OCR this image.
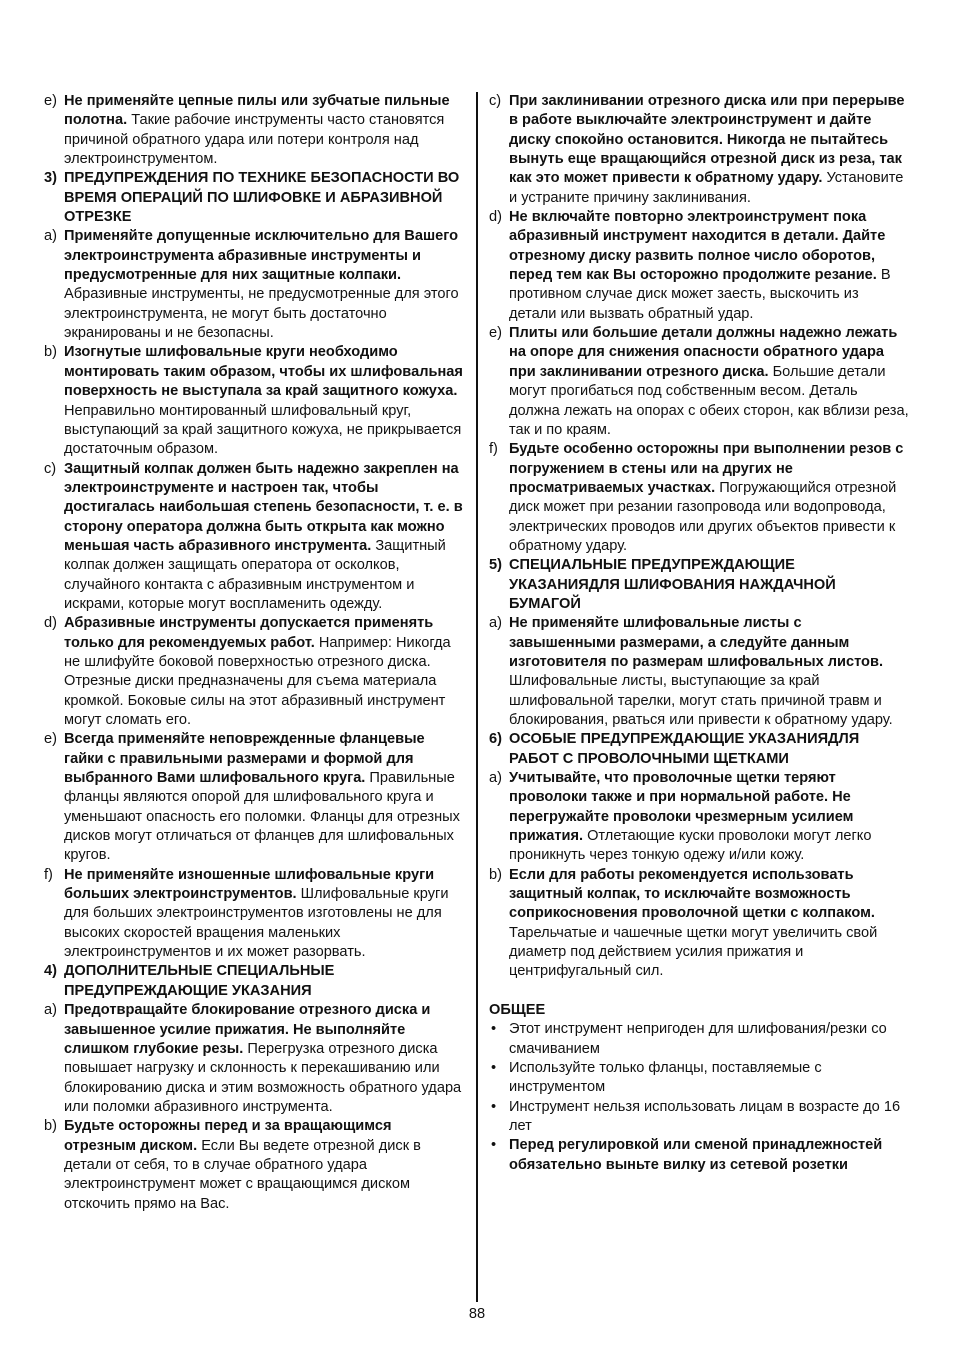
e) Не применяйте цепные пилы или зубчатые пильные полотна. Такие рабочие инструменты часто становятся причиной обратного удара или потери контроля над электроинструментом.

3) ПРЕДУПРЕЖДЕНИЯ ПО ТЕХНИКЕ БЕЗОПАСНОСТИ ВО ВРЕМЯ ОПЕРАЦИЙ ПО ШЛИФОВКЕ И АБРАЗИВНОЙ ОТРЕЗКЕ

a) Применяйте допущенные исключительно для Вашего электроинструмента абразивные инструменты и предусмотренные для них защитные колпаки. Абразивные инструменты, не предусмотренные для этого электроинструмента, не могут быть достаточно экранированы и не безопасны.

b) Изогнутые шлифовальные круги необходимо монтировать таким образом, чтобы их шлифовальная поверхность не выступала за край защитного кожуха. Неправильно монтированный шлифовальный круг, выступающий за край защитного кожуха, не прикрывается достаточным образом.

c) Защитный колпак должен быть надежно закреплен на электроинструменте и настроен так, чтобы достигалась наибольшая степень безопасности, т. е. в сторону оператора должна быть открыта как можно меньшая часть абразивного инструмента. Защитный колпак должен защищать оператора от осколков, случайного контакта с абразивным инструментом и искрами, которые могут воспламенить одежду.

d) Абразивные инструменты допускается применять только для рекомендуемых работ. Например: Никогда не шлифуйте боковой поверхностью отрезного диска. Отрезные диски предназначены для съема материала кромкой. Боковые силы на этот абразивный инструмент могут сломать его.

e) Всегда применяйте неповрежденные фланцевые гайки с правильными размерами и формой для выбранного Вами шлифовального круга. Правильные фланцы являются опорой для шлифовального круга и уменьшают опасность его поломки. Фланцы для отрезных дисков могут отличаться от фланцев для шлифовальных кругов.

f) Не применяйте изношенные шлифовальные круги больших электроинструментов. Шлифовальные круги для больших электроинструментов изготовлены не для высоких скоростей вращения маленьких электроинструментов и их может разорвать.

4) ДОПОЛНИТЕЛЬНЫЕ СПЕЦИАЛЬНЫЕ ПРЕДУПРЕЖДАЮЩИЕ УКАЗАНИЯ

a) Предотвращайте блокирование отрезного диска и завышенное усилие прижатия. Не выполняйте слишком глубокие резы. Перегрузка отрезного диска повышает нагрузку и склонность к перекашиванию или блокированию диска и этим возможность обратного удара или поломки абразивного инструмента.

b) Будьте осторожны перед и за вращающимся отрезным диском. Если Вы ведете отрезной диск в детали от себя, то в случае обратного удара электроинструмент может с вращающимся диском отскочить прямо на Вас.

c) При заклинивании отрезного диска или при перерыве в работе выключайте электроинструмент и дайте диску спокойно остановится. Никогда не пытайтесь вынуть еще вращающийся отрезной диск из реза, так как это может привести к обратному удару. Установите и устраните причину заклинивания.

d) Не включайте повторно электроинструмент пока абразивный инструмент находится в детали. Дайте отрезному диску развить полное число оборотов, перед тем как Вы осторожно продолжите резание. В противном случае диск может заесть, выскочить из детали или вызвать обратный удар.

e) Плиты или большие детали должны надежно лежать на опоре для снижения опасности обратного удара при заклинивании отрезного диска. Большие детали могут прогибаться под собственным весом. Деталь должна лежать на опорах с обеих сторон, как вблизи реза, так и по краям.

f) Будьте особенно осторожны при выполнении резов с погружением в стены или на других не просматриваемых участках. Погружающийся отрезной диск может при резании газопровода или водопровода, электрических проводов или других объектов привести к обратному удару.

5) СПЕЦИАЛЬНЫЕ ПРЕДУПРЕЖДАЮЩИЕ УКАЗАНИЯДЛЯ ШЛИФОВАНИЯ НАЖДАЧНОЙ БУМАГОЙ

a) Не применяйте шлифовальные листы с завышенными размерами, а следуйте данным изготовителя по размерам шлифовальных листов. Шлифовальные листы, выступающие за край шлифовальной тарелки, могут стать причиной травм и блокирования, рваться или привести к обратному удару.

6) ОСОБЫЕ ПРЕДУПРЕЖДАЮЩИЕ УКАЗАНИЯДЛЯ РАБОТ С ПРОВОЛОЧНЫМИ ЩЕТКАМИ

a) Учитывайте, что проволочные щетки теряют проволоки также и при нормальной работе. Не перегружайте проволоки чрезмерным усилием прижатия. Отлетающие куски проволоки могут легко проникнуть через тонкую одежу и/или кожу.

b) Если для работы рекомендуется использовать защитный колпак, то исключайте возможность соприкосновения проволочной щетки с колпаком. Тарельчатые и чашечные щетки могут увеличить свой диаметр под действием усилия прижатия и центрифугальный сил.

ОБЩЕЕ

• Этот инструмент непригоден для шлифования/резки со смачиванием

• Используйте только фланцы, поставляемые с инструментом

• Инструмент нельзя использовать лицам в возрасте до 16 лет

• Перед регулировкой или сменой принадлежностей обязательно выньте вилку из сетевой розетки

88
